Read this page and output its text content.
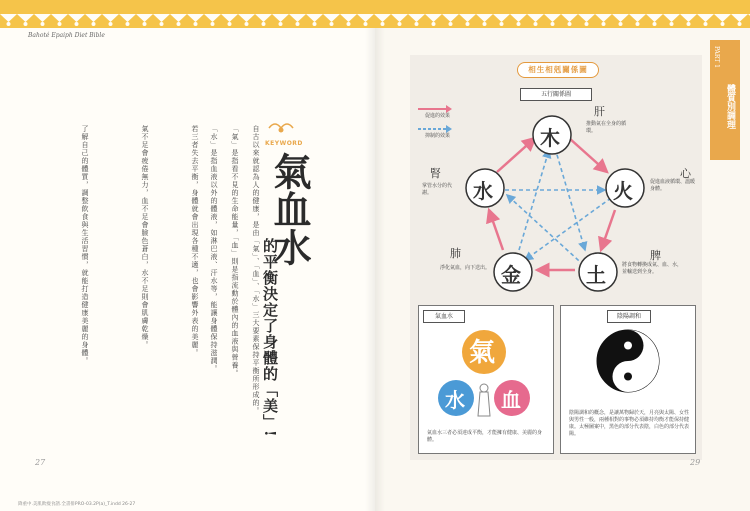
Bahoté Epaiph Diet Bible
了解自己的體質，調整飲食與生活習慣，就能打造健康美麗的身體。	氣不足會疲倦無力，血不足會臉色蒼白，水不足則會肌膚乾燥。	若三者失去平衡，身體就會出現各種不適，也會影響外表的美麗。	「水」是指血液以外的體液，如淋巴液、汗水等，能讓身體保持滋潤。	「氣」是指看不見的生命能量，「血」則是指流動於體內的血液與營養。	自古以來就認為人的健康，是由「氣」、「血」、「水」三大要素保持平衡所形成的。 KEYWORD
氣血水
的平衡決定了身體的「美」!
27
降重中.美肌飲瘦食譜.全書排PRO-03.2P(a)_T.indd 26-27
PART 1
體質別調理
相生相剋關係圖
五行關係圖
促進的效果
抑制的效果	木
火
土
金
水
肝
推動氣在全身的循環。
心
促進血液循環、溫暖身體。
脾
將食物轉換成氣、血、水，並輸送到全身。
肺
淨化氣血，向下送出。
腎
掌管水分的代謝。
氣血水
氣
水 血
氣血水三者必須達成平衡，才能擁有健康、美麗的身體。
陰陽調和
陰陽調和的概念，是讓萬物歸於天，月亮與太陽、女性與男性一般，兩種相對的事物必須維持均衡才能保持健康。太極圖案中，黑色的部分代表陰，白色的部分代表陽。
29
